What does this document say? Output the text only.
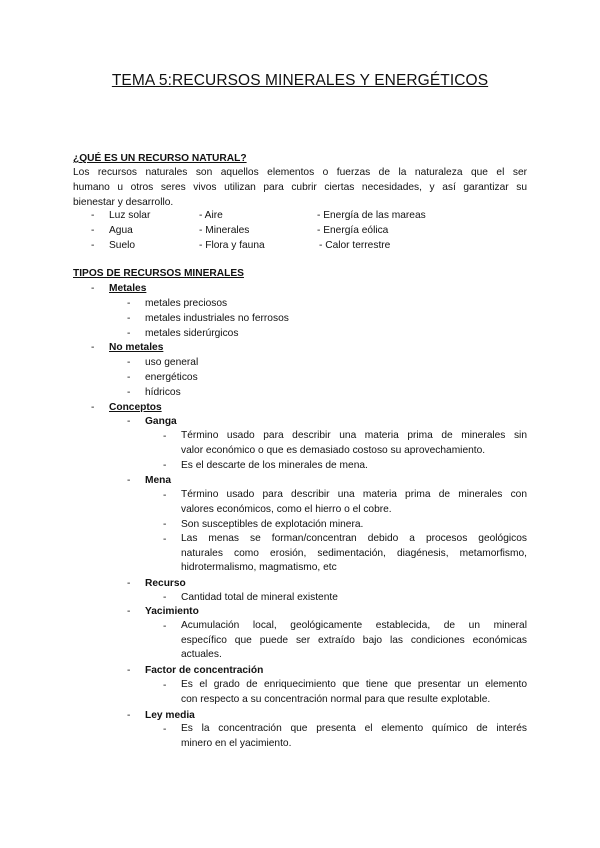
TEMA 5:RECURSOS MINERALES Y ENERGÉTICOS
¿QUÉ ES UN RECURSO NATURAL?
Los recursos naturales son aquellos elementos o fuerzas de la naturaleza que el ser
humano u otros seres vivos utilizan para cubrir ciertas necesidades, y así garantizar su
bienestar y desarrollo.
- Luz solar	- Aire	- Energía de las mareas
- Agua	- Minerales	- Energía eólica
- Suelo	- Flora y fauna	- Calor terrestre
TIPOS DE RECURSOS MINERALES
- Metales
- metales preciosos
- metales industriales no ferrosos
- metales siderúrgicos
- No metales
- uso general
- energéticos
- hídricos
- Conceptos
- Ganga
- Término usado para describir una materia prima de minerales sin
valor económico o que es demasiado costoso su aprovechamiento.
- Es el descarte de los minerales de mena.
- Mena
- Término usado para describir una materia prima de minerales con
valores económicos, como el hierro o el cobre.
- Son susceptibles de explotación minera.
- Las menas se forman/concentran debido a procesos geológicos
naturales como erosión, sedimentación, diagénesis, metamorfismo,
hidrotermalismo, magmatismo, etc
- Recurso
- Cantidad total de mineral existente
- Yacimiento
- Acumulación local, geológicamente establecida, de un mineral
específico que puede ser extraído bajo las condiciones económicas
actuales.
- Factor de concentración
- Es el grado de enriquecimiento que tiene que presentar un elemento
con respecto a su concentración normal para que resulte explotable.
- Ley media
- Es la concentración que presenta el elemento químico de interés
minero en el yacimiento.
